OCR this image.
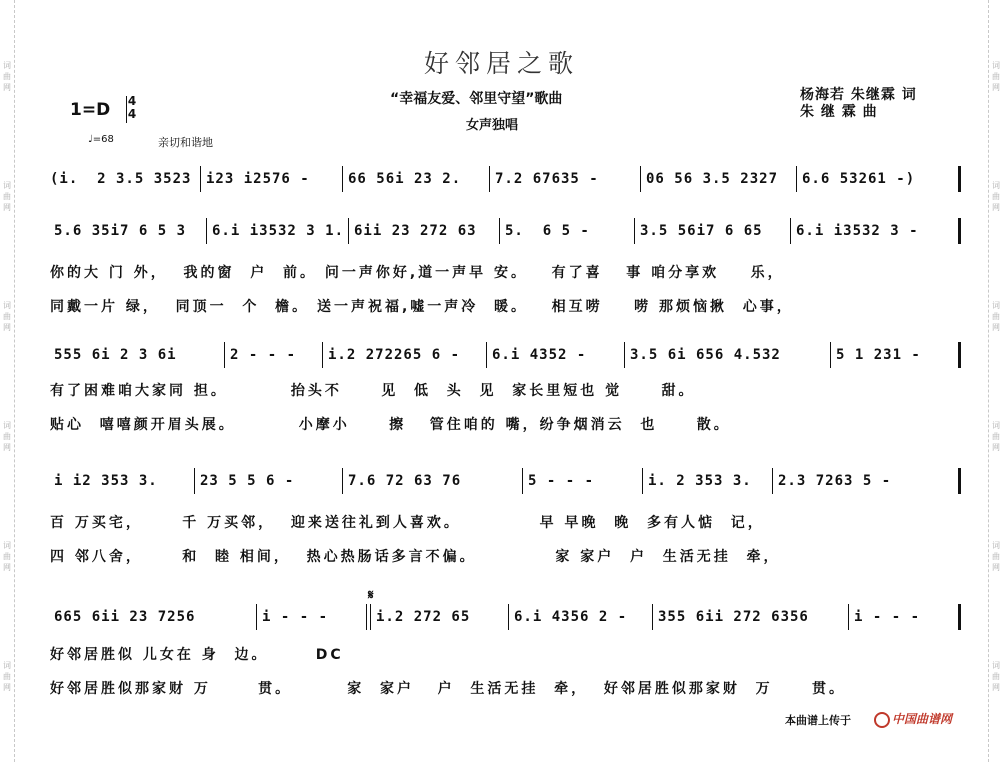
词曲网
词曲网
词曲网
词曲网
词曲网
词曲网
词曲网
词曲网
词曲网
词曲网
词曲网
词曲网
好邻居之歌
“幸福友爱、邻里守望”歌曲
女声独唱
杨海若 朱继霖 词
朱 继 霖 曲
1=D 4
4
♩=68	亲切和谐地
(i.  2 3.5 3523 i23 i2576 -	66 56i 23 2. 7.2 67635 -	06 56 3.5 2327 6.6 53261 -)
5.6 35i7 6 5 3 6.i i3532 3 1. 6ii 23 272 63 5.  6 5 -	3.5 56i7 6 65 6.i i3532 3 -
你的大 门 外，  我的窗  户  前。 问一声你好,道一声早 安。   有了喜   事 咱分享欢    乐，
同戴一片 绿，  同顶一  个  檐。 送一声祝福,嘘一声冷  暖。   相互唠    唠 那烦恼揪  心事，
555 6i 2 3 6i	2 - - - i.2 272265 6 - 6.i 4352 -	3.5 6i 656 4.532	5 1 231 -
有了困难咱大家同 担。        抬头不     见  低  头  见  家长里短也 觉     甜。
贴心  嘻嘻颜开眉头展。        小摩小     擦   管住咱的 嘴，纷争烟消云  也     散。
i i2 353 3.	23 5 5 6 -	7.6 72 63 76	5 - - -	i. 2 353 3. 2.3 7263 5 -
百 万买宅，     千 万买邻，  迎来送往礼到人喜欢。          早 早晚  晚  多有人惦  记，
四 邻八舍，     和  睦 相间，  热心热肠话多言不偏。          家 家户  户  生活无挂  牵，
𝄋
665 6ii 23 7256	i - - -	i.2 272 65	6.i 4356 2 - 355 6ii 272 6356	i - - -
好邻居胜似 儿女在 身  边。      DC
好邻居胜似那家财 万      贯。       家  家户   户  生活无挂  牵，  好邻居胜似那家财  万     贯。
本曲谱上传于	中国曲谱网
